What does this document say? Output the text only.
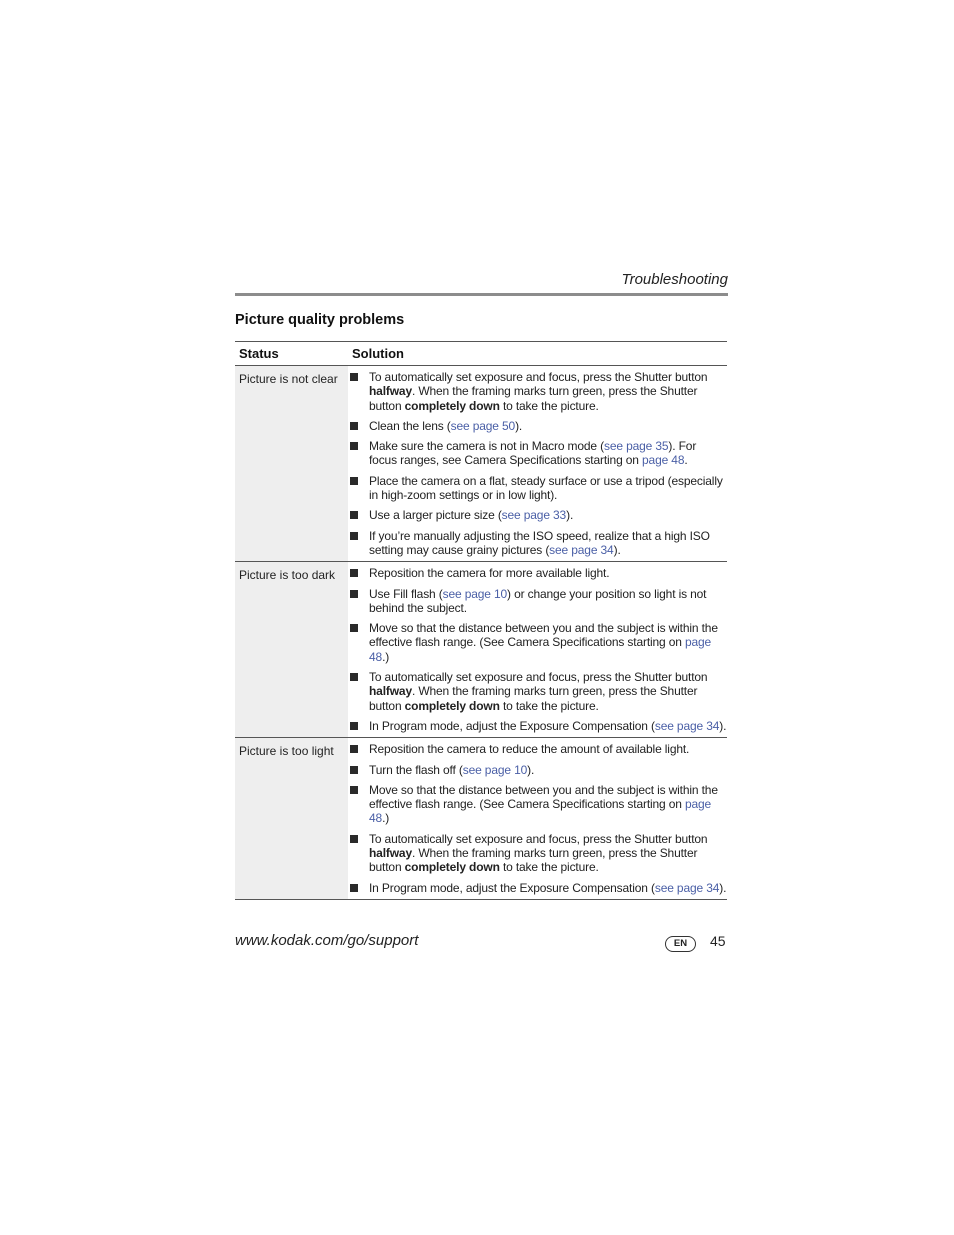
Troubleshooting
Picture quality problems
Status	Solution
Picture is not clear	To automatically set exposure and focus, press the Shutter button halfway. When the framing marks turn green, press the Shutter button completely down to take the picture.
Clean the lens (see page 50).
Make sure the camera is not in Macro mode (see page 35). For focus ranges, see Camera Specifications starting on page 48.
Place the camera on a flat, steady surface or use a tripod (especially in high-zoom settings or in low light).
Use a larger picture size (see page 33).
If you’re manually adjusting the ISO speed, realize that a high ISO setting may cause grainy pictures (see page 34).
Picture is too dark	Reposition the camera for more available light.
Use Fill flash (see page 10) or change your position so light is not behind the subject.
Move so that the distance between you and the subject is within the effective flash range. (See Camera Specifications starting on page 48.)
To automatically set exposure and focus, press the Shutter button halfway. When the framing marks turn green, press the Shutter button completely down to take the picture.
In Program mode, adjust the Exposure Compensation (see page 34).
Picture is too light	Reposition the camera to reduce the amount of available light.
Turn the flash off (see page 10).
Move so that the distance between you and the subject is within the effective flash range. (See Camera Specifications starting on page 48.)
To automatically set exposure and focus, press the Shutter button halfway. When the framing marks turn green, press the Shutter button completely down to take the picture.
In Program mode, adjust the Exposure Compensation (see page 34).
www.kodak.com/go/support	EN	45
